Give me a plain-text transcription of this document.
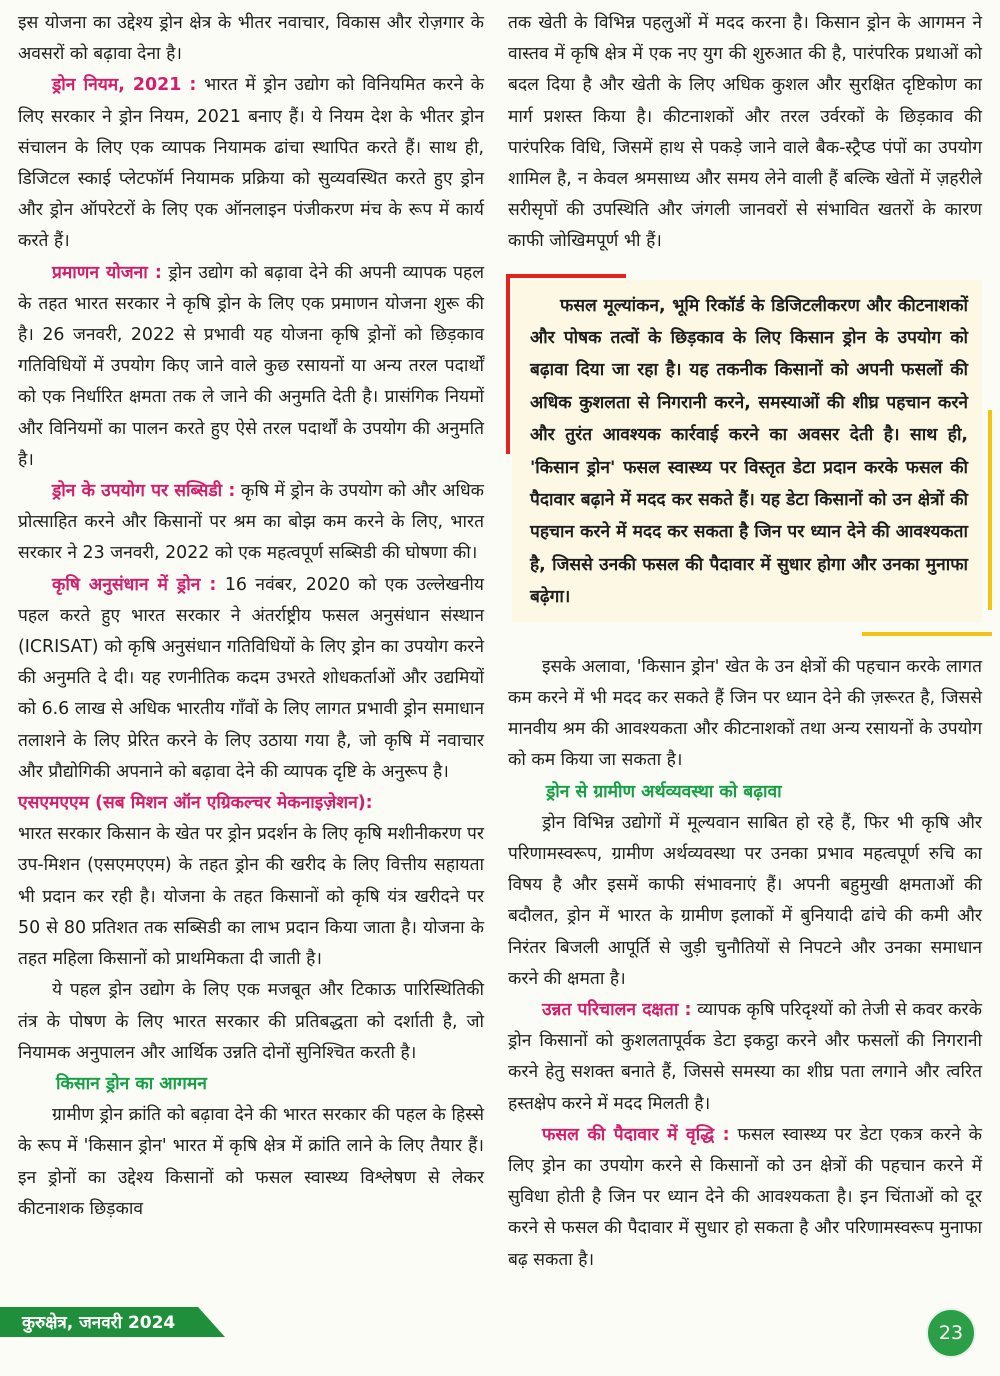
इस योजना का उद्देश्य ड्रोन क्षेत्र के भीतर नवाचार, विकास और रोज़गार के अवसरों को बढ़ावा देना है।

ड्रोन नियम, 2021 : भारत में ड्रोन उद्योग को विनियमित करने के लिए सरकार ने ड्रोन नियम, 2021 बनाए हैं। ये नियम देश के भीतर ड्रोन संचालन के लिए एक व्यापक नियामक ढांचा स्थापित करते हैं। साथ ही, डिजिटल स्काई प्लेटफॉर्म नियामक प्रक्रिया को सुव्यवस्थित करते हुए ड्रोन और ड्रोन ऑपरेटरों के लिए एक ऑनलाइन पंजीकरण मंच के रूप में कार्य करते हैं।

प्रमाणन योजना : ड्रोन उद्योग को बढ़ावा देने की अपनी व्यापक पहल के तहत भारत सरकार ने कृषि ड्रोन के लिए एक प्रमाणन योजना शुरू की है। 26 जनवरी, 2022 से प्रभावी यह योजना कृषि ड्रोनों को छिड़काव गतिविधियों में उपयोग किए जाने वाले कुछ रसायनों या अन्य तरल पदार्थों को एक निर्धारित क्षमता तक ले जाने की अनुमति देती है। प्रासंगिक नियमों और विनियमों का पालन करते हुए ऐसे तरल पदार्थों के उपयोग की अनुमति है।

ड्रोन के उपयोग पर सब्सिडी : कृषि में ड्रोन के उपयोग को और अधिक प्रोत्साहित करने और किसानों पर श्रम का बोझ कम करने के लिए, भारत सरकार ने 23 जनवरी, 2022 को एक महत्वपूर्ण सब्सिडी की घोषणा की।

कृषि अनुसंधान में ड्रोन : 16 नवंबर, 2020 को एक उल्लेखनीय पहल करते हुए भारत सरकार ने अंतर्राष्ट्रीय फसल अनुसंधान संस्थान (ICRISAT) को कृषि अनुसंधान गतिविधियों के लिए ड्रोन का उपयोग करने की अनुमति दे दी। यह रणनीतिक कदम उभरते शोधकर्ताओं और उद्यमियों को 6.6 लाख से अधिक भारतीय गाँवों के लिए लागत प्रभावी ड्रोन समाधान तलाशने के लिए प्रेरित करने के लिए उठाया गया है, जो कृषि में नवाचार और प्रौद्योगिकी अपनाने को बढ़ावा देने की व्यापक दृष्टि के अनुरूप है।

एसएमएएम (सब मिशन ऑन एग्रिकल्चर मेकनाइज़ेशन):

भारत सरकार किसान के खेत पर ड्रोन प्रदर्शन के लिए कृषि मशीनीकरण पर उप-मिशन (एसएमएएम) के तहत ड्रोन की खरीद के लिए वित्तीय सहायता भी प्रदान कर रही है। योजना के तहत किसानों को कृषि यंत्र खरीदने पर 50 से 80 प्रतिशत तक सब्सिडी का लाभ प्रदान किया जाता है। योजना के तहत महिला किसानों को प्राथमिकता दी जाती है।

ये पहल ड्रोन उद्योग के लिए एक मजबूत और टिकाऊ पारिस्थितिकी तंत्र के पोषण के लिए भारत सरकार की प्रतिबद्धता को दर्शाती है, जो नियामक अनुपालन और आर्थिक उन्नति दोनों सुनिश्चित करती है।

किसान ड्रोन का आगमन

ग्रामीण ड्रोन क्रांति को बढ़ावा देने की भारत सरकार की पहल के हिस्से के रूप में 'किसान ड्रोन' भारत में कृषि क्षेत्र में क्रांति लाने के लिए तैयार हैं। इन ड्रोनों का उद्देश्य किसानों को फसल स्वास्थ्य विश्लेषण से लेकर कीटनाशक छिड़काव

तक खेती के विभिन्न पहलुओं में मदद करना है। किसान ड्रोन के आगमन ने वास्तव में कृषि क्षेत्र में एक नए युग की शुरुआत की है, पारंपरिक प्रथाओं को बदल दिया है और खेती के लिए अधिक कुशल और सुरक्षित दृष्टिकोण का मार्ग प्रशस्त किया है। कीटनाशकों और तरल उर्वरकों के छिड़काव की पारंपरिक विधि, जिसमें हाथ से पकड़े जाने वाले बैक-स्ट्रैप्ड पंपों का उपयोग शामिल है, न केवल श्रमसाध्य और समय लेने वाली हैं बल्कि खेतों में ज़हरीले सरीसृपों की उपस्थिति और जंगली जानवरों से संभावित खतरों के कारण काफी जोखिमपूर्ण भी हैं।

फसल मूल्यांकन, भूमि रिकॉर्ड के डिजिटलीकरण और कीटनाशकों और पोषक तत्वों के छिड़काव के लिए किसान ड्रोन के उपयोग को बढ़ावा दिया जा रहा है। यह तकनीक किसानों को अपनी फसलों की अधिक कुशलता से निगरानी करने, समस्याओं की शीघ्र पहचान करने और तुरंत आवश्यक कार्रवाई करने का अवसर देती है। साथ ही, 'किसान ड्रोन' फसल स्वास्थ्य पर विस्तृत डेटा प्रदान करके फसल की पैदावार बढ़ाने में मदद कर सकते हैं। यह डेटा किसानों को उन क्षेत्रों की पहचान करने में मदद कर सकता है जिन पर ध्यान देने की आवश्यकता है, जिससे उनकी फसल की पैदावार में सुधार होगा और उनका मुनाफा बढ़ेगा।

इसके अलावा, 'किसान ड्रोन' खेत के उन क्षेत्रों की पहचान करके लागत कम करने में भी मदद कर सकते हैं जिन पर ध्यान देने की ज़रूरत है, जिससे मानवीय श्रम की आवश्यकता और कीटनाशकों तथा अन्य रसायनों के उपयोग को कम किया जा सकता है।

ड्रोन से ग्रामीण अर्थव्यवस्था को बढ़ावा

ड्रोन विभिन्न उद्योगों में मूल्यवान साबित हो रहे हैं, फिर भी कृषि और परिणामस्वरूप, ग्रामीण अर्थव्यवस्था पर उनका प्रभाव महत्वपूर्ण रुचि का विषय है और इसमें काफी संभावनाएं हैं। अपनी बहुमुखी क्षमताओं की बदौलत, ड्रोन में भारत के ग्रामीण इलाकों में बुनियादी ढांचे की कमी और निरंतर बिजली आपूर्ति से जुड़ी चुनौतियों से निपटने और उनका समाधान करने की क्षमता है।

उन्नत परिचालन दक्षता : व्यापक कृषि परिदृश्यों को तेजी से कवर करके ड्रोन किसानों को कुशलतापूर्वक डेटा इकट्ठा करने और फसलों की निगरानी करने हेतु सशक्त बनाते हैं, जिससे समस्या का शीघ्र पता लगाने और त्वरित हस्तक्षेप करने में मदद मिलती है।

फसल की पैदावार में वृद्धि : फसल स्वास्थ्य पर डेटा एकत्र करने के लिए ड्रोन का उपयोग करने से किसानों को उन क्षेत्रों की पहचान करने में सुविधा होती है जिन पर ध्यान देने की आवश्यकता है। इन चिंताओं को दूर करने से फसल की पैदावार में सुधार हो सकता है और परिणामस्वरूप मुनाफा बढ़ सकता है।

कुरुक्षेत्र, जनवरी 2024	23
